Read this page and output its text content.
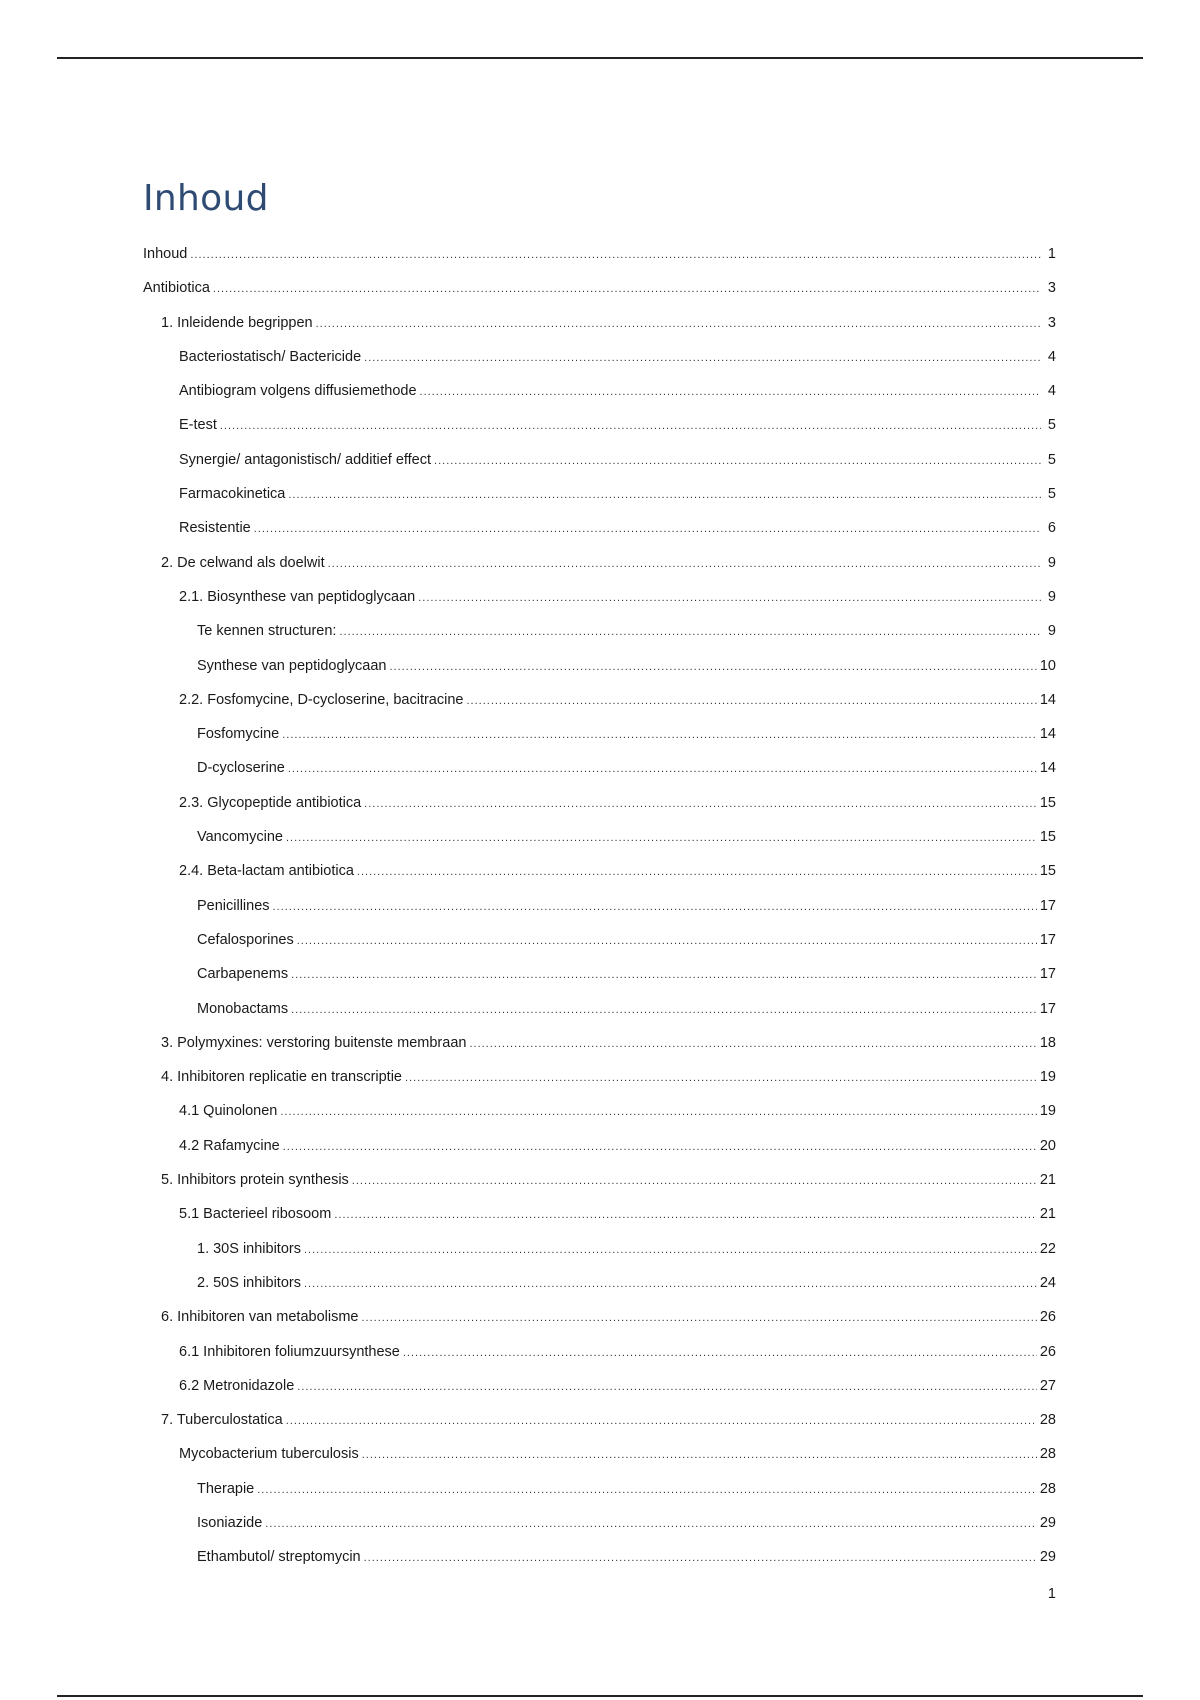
Inhoud
Inhoud .....	1
Antibiotica .....	3
1. Inleidende begrippen .....	3
Bacteriostatisch/ Bactericide .....	4
Antibiogram volgens diffusiemethode .....	4
E-test .....	5
Synergie/ antagonistisch/ additief effect .....	5
Farmacokinetica .....	5
Resistentie .....	6
2. De celwand als doelwit .....	9
2.1. Biosynthese van peptidoglycaan .....	9
Te kennen structuren: .....	9
Synthese van peptidoglycaan .....	10
2.2. Fosfomycine, D-cycloserine, bacitracine .....	14
Fosfomycine .....	14
D-cycloserine .....	14
2.3. Glycopeptide antibiotica .....	15
Vancomycine .....	15
2.4. Beta-lactam antibiotica .....	15
Penicillines .....	17
Cefalosporines .....	17
Carbapenems .....	17
Monobactams .....	17
3. Polymyxines: verstoring buitenste membraan .....	18
4. Inhibitoren replicatie en transcriptie .....	19
4.1 Quinolonen .....	19
4.2 Rafamycine .....	20
5. Inhibitors protein synthesis .....	21
5.1 Bacterieel ribosoom .....	21
1. 30S inhibitors .....	22
2. 50S inhibitors .....	24
6. Inhibitoren van metabolisme .....	26
6.1 Inhibitoren foliumzuursynthese .....	26
6.2 Metronidazole .....	27
7. Tuberculostatica .....	28
Mycobacterium tuberculosis .....	28
Therapie .....	28
Isoniazide .....	29
Ethambutol/ streptomycin .....	29
1
